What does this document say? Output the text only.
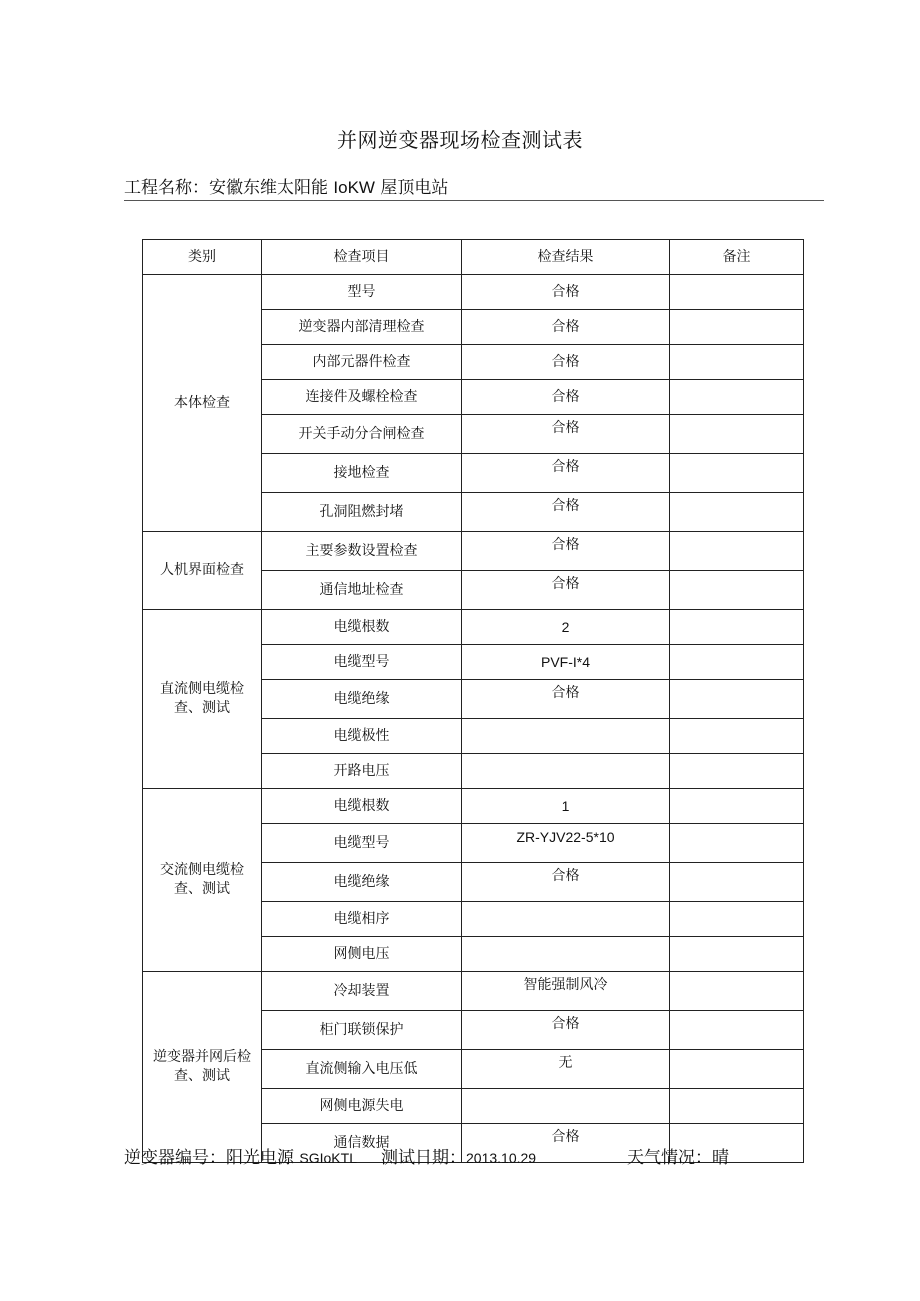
并网逆变器现场检查测试表
工程名称：安徽东维太阳能 IoKW 屋顶电站
类别	检查项目	检查结果	备注
本体检查	型号	合格	
	逆变器内部清理检查	合格	
	内部元器件检查	合格	
	连接件及螺栓检查	合格	
	开关手动分合闸检查	合格	
	接地检查	合格	
	孔洞阻燃封堵	合格	
人机界面检查	主要参数设置检查	合格	
	通信地址检查	合格	
直流侧电缆检查、测试	电缆根数	2	
	电缆型号	PVF-I*4	
	电缆绝缘	合格	
	电缆极性		
	开路电压		
交流侧电缆检查、测试	电缆根数	1	
	电缆型号	ZR-YJV22-5*10	
	电缆绝缘	合格	
	电缆相序		
	网侧电压		
逆变器并网后检查、测试	冷却装置	智能强制风冷	
	柜门联锁保护	合格	
	直流侧输入电压低	无	
	网侧电源失电		
	通信数据	合格	
逆变器编号：阳光电源 SGIoKTL 测试日期：2013.10.29	天气情况：晴
